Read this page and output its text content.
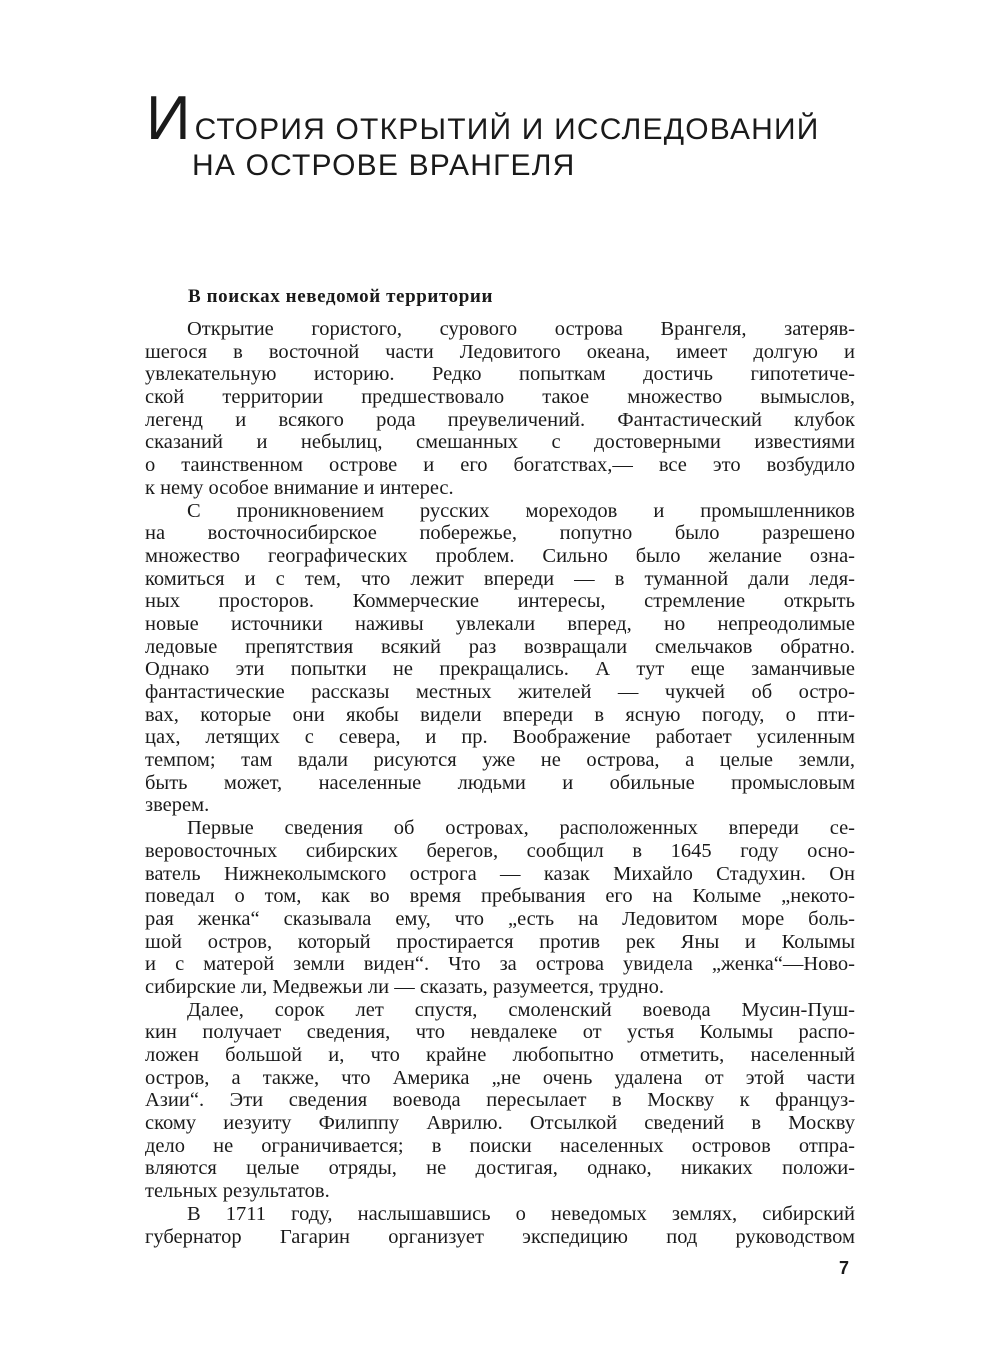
И СТОРИЯ ОТКРЫТИЙ И ИССЛЕДОВАНИЙ
НА ОСТРОВЕ ВРАНГЕЛЯ
В поисках неведомой территории
Открытие гористого, сурового острова Врангеля, затеряв-
шегося в восточной части Ледовитого океана, имеет долгую и
увлекательную историю. Редко попыткам достичь гипотетиче-
ской территории предшествовало такое множество вымыслов,
легенд и всякого рода преувеличений. Фантастический клубок
сказаний и небылиц, смешанных с достоверными известиями
о таинственном острове и его богатствах,— все это возбудило
к нему особое внимание и интерес.
С проникновением русских мореходов и промышленников
на восточносибирское побережье, попутно было разрешено
множество географических проблем. Сильно было желание озна-
комиться и с тем, что лежит впереди — в туманной дали ледя-
ных просторов. Коммерческие интересы, стремление открыть
новые источники наживы увлекали вперед, но непреодолимые
ледовые препятствия всякий раз возвращали смельчаков обратно.
Однако эти попытки не прекращались. А тут еще заманчивые
фантастические рассказы местных жителей — чукчей об остро-
вах, которые они якобы видели впереди в ясную погоду, о пти-
цах, летящих с севера, и пр. Воображение работает усиленным
темпом; там вдали рисуются уже не острова, а целые земли,
быть может, населенные людьми и обильные промысловым
зверем.
Первые сведения об островах, расположенных впереди се-
веровосточных сибирских берегов, сообщил в 1645 году осно-
ватель Нижнеколымского острога — казак Михайло Стадухин. Он
поведал о том, как во время пребывания его на Колыме „некото-
рая женка“ сказывала ему, что „есть на Ледовитом море боль-
шой остров, который простирается против рек Яны и Колымы
и с матерой земли виден“. Что за острова увидела „женка“—Ново-
сибирские ли, Медвежьи ли — сказать, разумеется, трудно.
Далее, сорок лет спустя, смоленский воевода Мусин-Пуш-
кин получает сведения, что невдалеке от устья Колымы распо-
ложен большой и, что крайне любопытно отметить, населенный
остров, а также, что Америка „не очень удалена от этой части
Азии“. Эти сведения воевода пересылает в Москву к француз-
скому иезуиту Филиппу Аврилю. Отсылкой сведений в Москву
дело не ограничивается; в поиски населенных островов отпра-
вляются целые отряды, не достигая, однако, никаких положи-
тельных результатов.
В 1711 году, наслышавшись о неведомых землях, сибирский
губернатор Гагарин организует экспедицию под руководством
7
